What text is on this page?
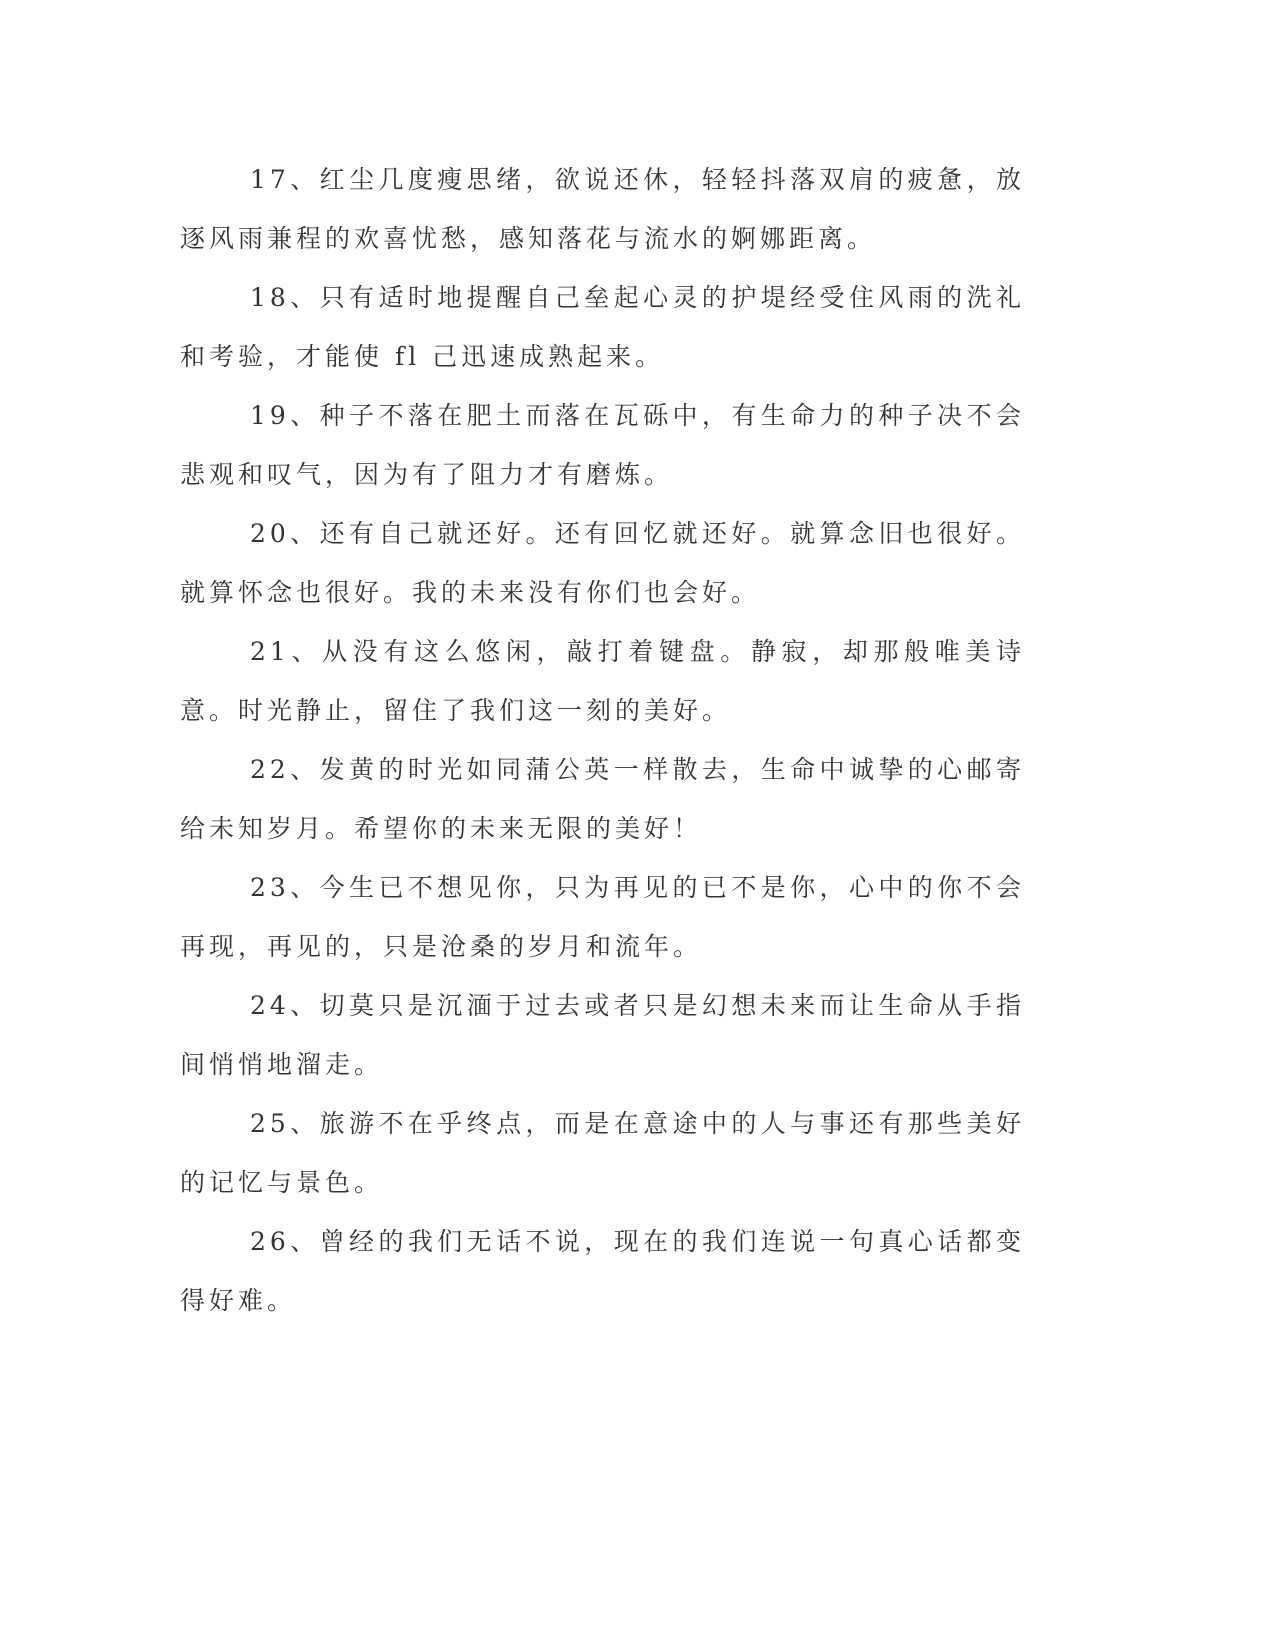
17、红尘几度瘦思绪，欲说还休，轻轻抖落双肩的疲惫，放逐风雨兼程的欢喜忧愁，感知落花与流水的婀娜距离。

18、只有适时地提醒自己垒起心灵的护堤经受住风雨的洗礼和考验，才能使 fl 己迅速成熟起来。

19、种子不落在肥土而落在瓦砾中，有生命力的种子决不会悲观和叹气，因为有了阻力才有磨炼。

20、还有自己就还好。还有回忆就还好。就算念旧也很好。就算怀念也很好。我的未来没有你们也会好。

21、从没有这么悠闲，敲打着键盘。静寂，却那般唯美诗意。时光静止，留住了我们这一刻的美好。

22、发黄的时光如同蒲公英一样散去，生命中诚挚的心邮寄给未知岁月。希望你的未来无限的美好！

23、今生已不想见你，只为再见的已不是你，心中的你不会再现，再见的，只是沧桑的岁月和流年。

24、切莫只是沉湎于过去或者只是幻想未来而让生命从手指间悄悄地溜走。

25、旅游不在乎终点，而是在意途中的人与事还有那些美好的记忆与景色。

26、曾经的我们无话不说，现在的我们连说一句真心话都变得好难。
